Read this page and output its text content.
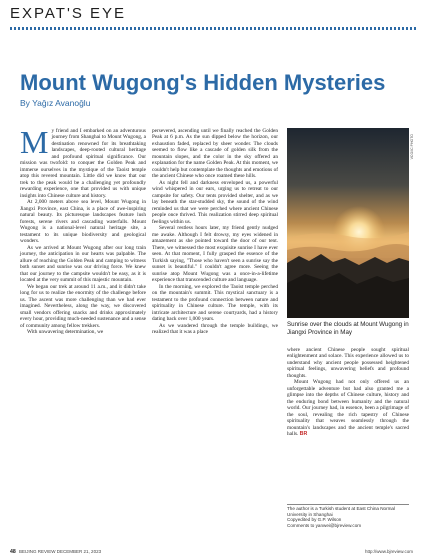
EXPAT'S EYE
Mount Wugong's Hidden Mysteries
By Yağız Avanoğlu

M y friend and I embarked on an adventurous journey from Shanghai to Mount Wugong, a destination renowned for its breathtaking landscapes, deep-rooted cultural heritage and profound spiritual significance. Our mission was twofold: to conquer the Golden Peak and immerse ourselves in the mystique of the Taoist temple atop this revered mountain. Little did we know that our trek to the peak would be a challenging yet profoundly rewarding experience, one that provided us with unique insights into Chinese culture and history.

At 2,000 meters above sea level, Mount Wugong in Jiangxi Province, east China, is a place of awe-inspiring natural beauty. Its picturesque landscapes feature lush forests, serene rivers and cascading waterfalls. Mount Wugong is a national-level natural heritage site, a testament to its unique biodiversity and geological wonders.

As we arrived at Mount Wugong after our long train journey, the anticipation in our hearts was palpable. The allure of reaching the Golden Peak and camping to witness both sunset and sunrise was our driving force. We knew that our journey to the campsite wouldn't be easy, as it is located at the very summit of this majestic mountain.

We began our trek at around 11 a.m., and it didn't take long for us to realize the enormity of the challenge before us. The ascent was more challenging than we had ever imagined. Nevertheless, along the way, we discovered small vendors offering snacks and drinks approximately every hour, providing much-needed sustenance and a sense of community among fellow trekkers.

With unwavering determination, we

persevered, ascending until we finally reached the Golden Peak at 6 p.m. As the sun dipped below the horizon, our exhaustion faded, replaced by sheer wonder. The clouds seemed to flow like a cascade of golden silk from the mountain slopes, and the color in the sky offered an explanation for the name Golden Peak. At this moment, we couldn't help but contemplate the thoughts and emotions of the ancient Chinese who once roamed these hills.

As night fell and darkness enveloped us, a powerful wind whispered in our ears, urging us to retreat to our campsite for safety. Our tents provided shelter, and as we lay beneath the star-studded sky, the sound of the wind reminded us that we were perched where ancient Chinese people once thrived. This realization stirred deep spiritual feelings within us.

Several restless hours later, my friend gently nudged me awake. Although I felt drowsy, my eyes widened in amazement as she pointed toward the door of our tent. There, we witnessed the most exquisite sunrise I have ever seen. At that moment, I fully grasped the essence of the Turkish saying, "Those who haven't seen a sunrise say the sunset is beautiful." I couldn't agree more. Seeing the sunrise atop Mount Wugong was a once-in-a-lifetime experience that transcended culture and language.

In the morning, we explored the Taoist temple perched on the mountain's summit. This mystical sanctuary is a testament to the profound connection between nature and spirituality in Chinese culture. The temple, with its intricate architecture and serene courtyards, had a history dating back over 1,000 years.

As we wandered through the temple buildings, we realized that it was a place

VCG/IC PHOTO
Sunrise over the clouds at Mount Wugong in Jiangxi Province in May

where ancient Chinese people sought spiritual enlightenment and solace. This experience allowed us to understand why ancient people possessed heightened spiritual feelings, unwavering beliefs and profound thoughts.

Mount Wugong had not only offered us an unforgettable adventure but had also granted me a glimpse into the depths of Chinese culture, history and the enduring bond between humanity and the natural world. Our journey had, in essence, been a pilgrimage of the soul, revealing the rich tapestry of Chinese spirituality that weaves seamlessly through the mountain's landscapes and the ancient temple's sacred halls. BR

The author is a Turkish student at East China Normal University in Shanghai
Copyedited by G.P. Wilson
Comments to yanwei@bjreview.com
48 BEIJING REVIEW DECEMBER 21, 2023	http://www.bjreview.com
